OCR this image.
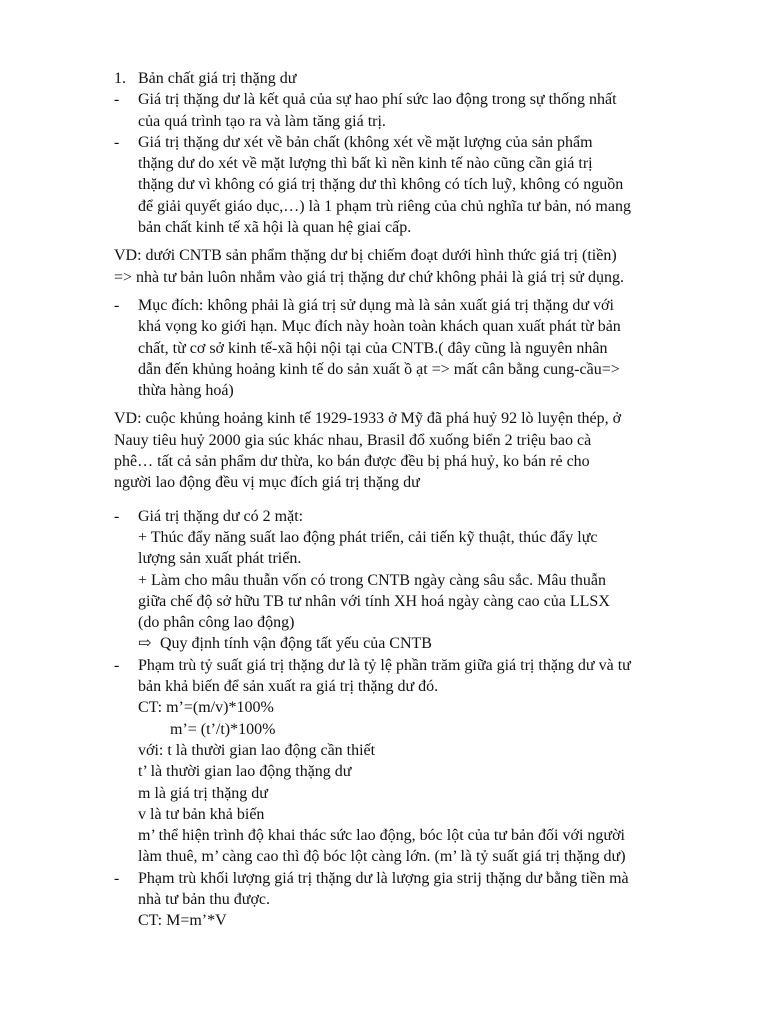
1. Bản chất giá trị thặng dư
-	Giá trị thặng dư là kết quả của sự hao phí sức lao động trong sự thống nhất
của quá trình tạo ra và làm tăng giá trị.
-	Giá trị thặng dư xét về bản chất (không xét về mặt lượng của sản phẩm
thặng dư do xét về mặt lượng thì bất kì nền kinh tế nào cũng cần giá trị
thặng dư vì không có giá trị thặng dư thì không có tích luỹ, không có nguồn
để giải quyết giáo dục,…) là 1 phạm trù riêng của chủ nghĩa tư bản, nó mang
bản chất kinh tế xã hội là quan hệ giai cấp.
VD: dưới CNTB sản phẩm thặng dư bị chiếm đoạt dưới hình thức giá trị (tiền)
=> nhà tư bản luôn nhắm vào giá trị thặng dư chứ không phải là giá trị sử dụng.
-	Mục đích: không phải là giá trị sử dụng mà là sản xuất giá trị thặng dư với
khá vọng ko giới hạn. Mục đích này hoàn toàn khách quan xuất phát từ bản
chất, từ cơ sở kinh tế-xã hội nội tại của CNTB.( đây cũng là nguyên nhân
dẫn đến khủng hoảng kinh tế do sản xuất ồ ạt => mất cân bằng cung-cầu=>
thừa hàng hoá)
VD: cuộc khủng hoảng kinh tế 1929-1933 ở Mỹ đã phá huỷ 92 lò luyện thép, ở
Nauy tiêu huỷ 2000 gia súc khác nhau, Brasil đổ xuống biển 2 triệu bao cà
phê… tất cả sản phẩm dư thừa, ko bán được đều bị phá huỷ, ko bán rẻ cho
người lao động đều vị mục đích giá trị thặng dư
-	Giá trị thặng dư có 2 mặt:
+ Thúc đẩy năng suất lao động phát triển, cải tiến kỹ thuật, thúc đẩy lực
lượng sản xuất phát triển.
+ Làm cho mâu thuẫn vốn có trong CNTB ngày càng sâu sắc. Mâu thuẫn
giữa chế độ sở hữu TB tư nhân với tính XH hoá ngày càng cao của LLSX
(do phân công lao động)
⇨ Quy định tính vận động tất yếu của CNTB
-	Phạm trù tỷ suất giá trị thặng dư là tỷ lệ phần trăm giữa giá trị thặng dư và tư
bản khả biến để sản xuất ra giá trị thặng dư đó.
CT: m’=(m/v)*100%
m’= (t’/t)*100%
với: t là thười gian lao động cần thiết
t’ là thười gian lao động thặng dư
m là giá trị thặng dư
v là tư bản khả biến
m’ thể hiện trình độ khai thác sức lao động, bóc lột của tư bản đối với người
làm thuê, m’ càng cao thì độ bóc lột càng lớn. (m’ là tỷ suất giá trị thặng dư)
-	Phạm trù khối lượng giá trị thặng dư là lượng gia strij thặng dư bằng tiền mà
nhà tư bản thu được.
CT: M=m’*V
